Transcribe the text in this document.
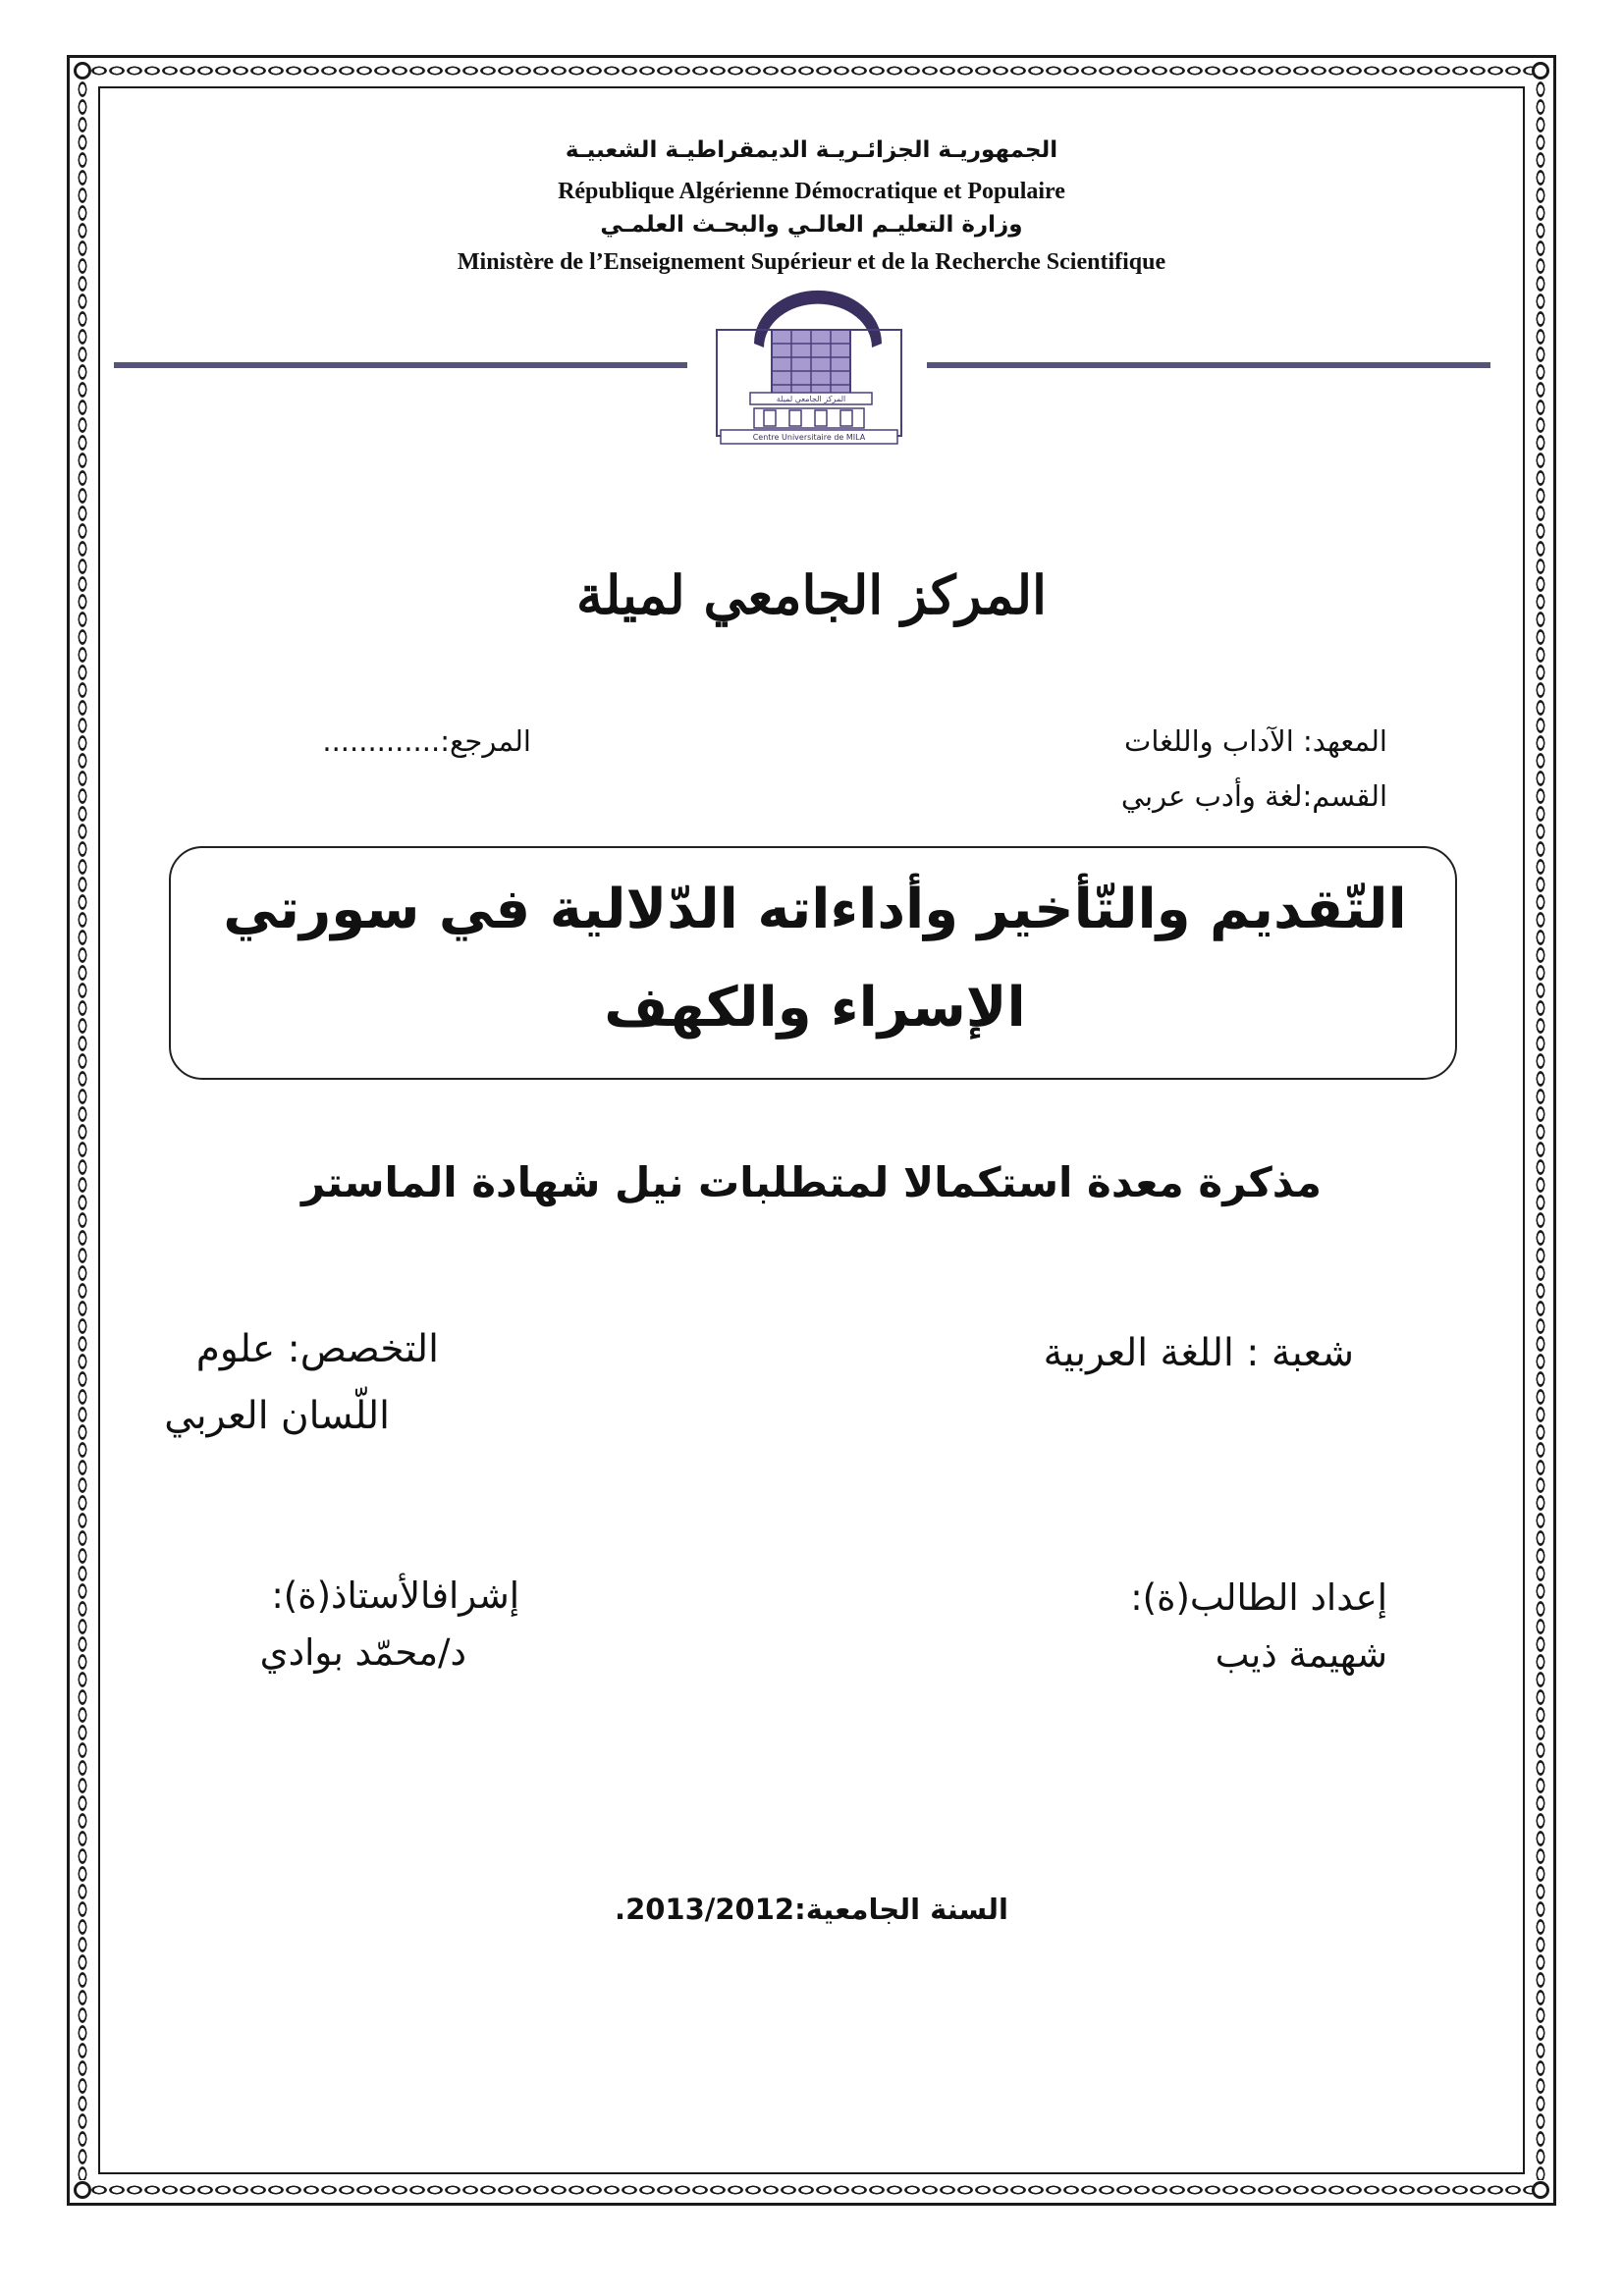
الجمهوريـة الجزائـريـة الديمقراطيـة الشعبيـة
République Algérienne Démocratique et Populaire
وزارة التعليـم العالـي والبحـث العلمـي
Ministère de l’Enseignement Supérieur et de la Recherche Scientifique
المركز الجامعي لميلة
Centre Universitaire de MILA
المركز الجامعي لميلة
المعهد: الآداب واللغات
القسم:لغة وأدب عربي
المرجع:.............
التّقديم والتّأخير وأداءاته الدّلالية في سورتي
الإسراء والكهف
مذكرة معدة استكمالا لمتطلبات نيل شهادة الماستر
شعبة : اللغة العربية
التخصص: علوم
اللّسان العربي
إعداد الطالب(ة):
شهيمة ذيب
إشرافالأستاذ(ة):
د/محمّد بوادي
السنة الجامعية:2013/2012.
